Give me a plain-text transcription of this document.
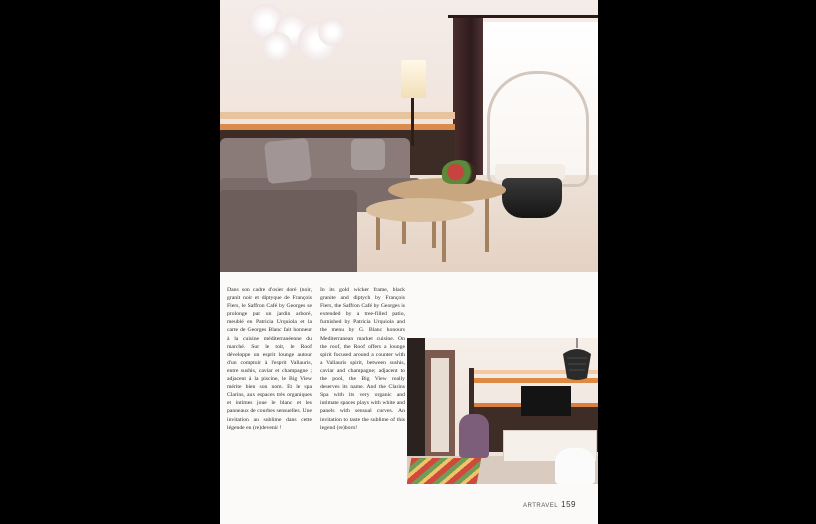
Dans son cadre d'osier doré (noir, granit noir et diptyque de François Flers, le Saffron Café by Georges se prolonge par un jardin arboré, meublé en Patricia Urquiola et la carte de Georges Blanc fait honneur à la cuisine méditerranéenne du marché. Sur le toit, le Roof développe un esprit lounge autour d'un comptoir à l'esprit Vallauris, entre sushis, caviar et champagne ; adjacent à la piscine, le Big View mérite bien son nom. Et le spa Clarins, aux espaces très organiques et intimes joue le blanc et les panneaux de courbes sensuelles. Une invitation au sublime dans cette légende en (re)devenir !
In its gold wicker frame, black granite and diptych by François Flers, the Saffron Café by Georges is extended by a tree-filled patio, furnished by Patricia Urquiola and the menu by G. Blanc honours Mediterranean market cuisine. On the roof, the Roof offers a lounge spirit focused around a counter with a Vallauris spirit, between sushis, caviar and champagne; adjacent to the pool, the Big View really deserves its name. And the Clarins Spa with its very organic and intimate spaces plays with white and panels with sensual curves. An invitation to taste the sublime of this legend (re)born!
ARTRAVEL 159
